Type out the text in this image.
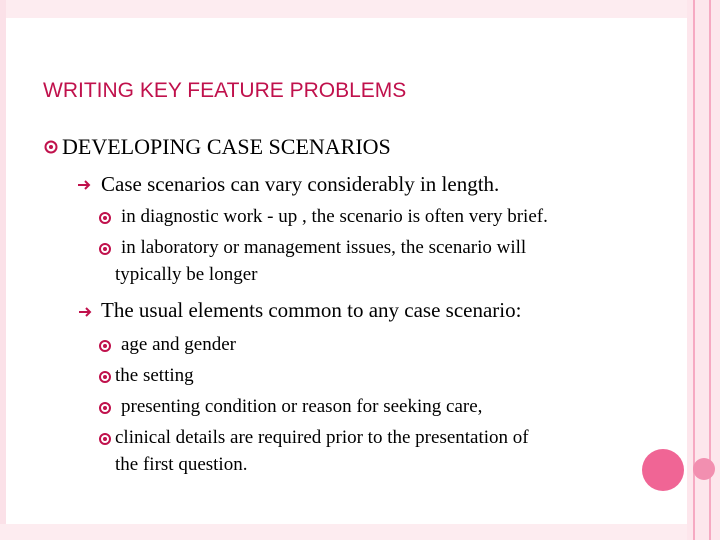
WRITING KEY FEATURE PROBLEMS
DEVELOPING CASE SCENARIOS
Case scenarios can vary considerably in length.
in diagnostic work - up , the scenario is often very brief.
in laboratory or management issues, the scenario will
typically be longer
The usual elements common to any case scenario:
age and gender
the setting
presenting condition or reason for seeking care,
clinical details are required prior to the presentation of
the first question.
